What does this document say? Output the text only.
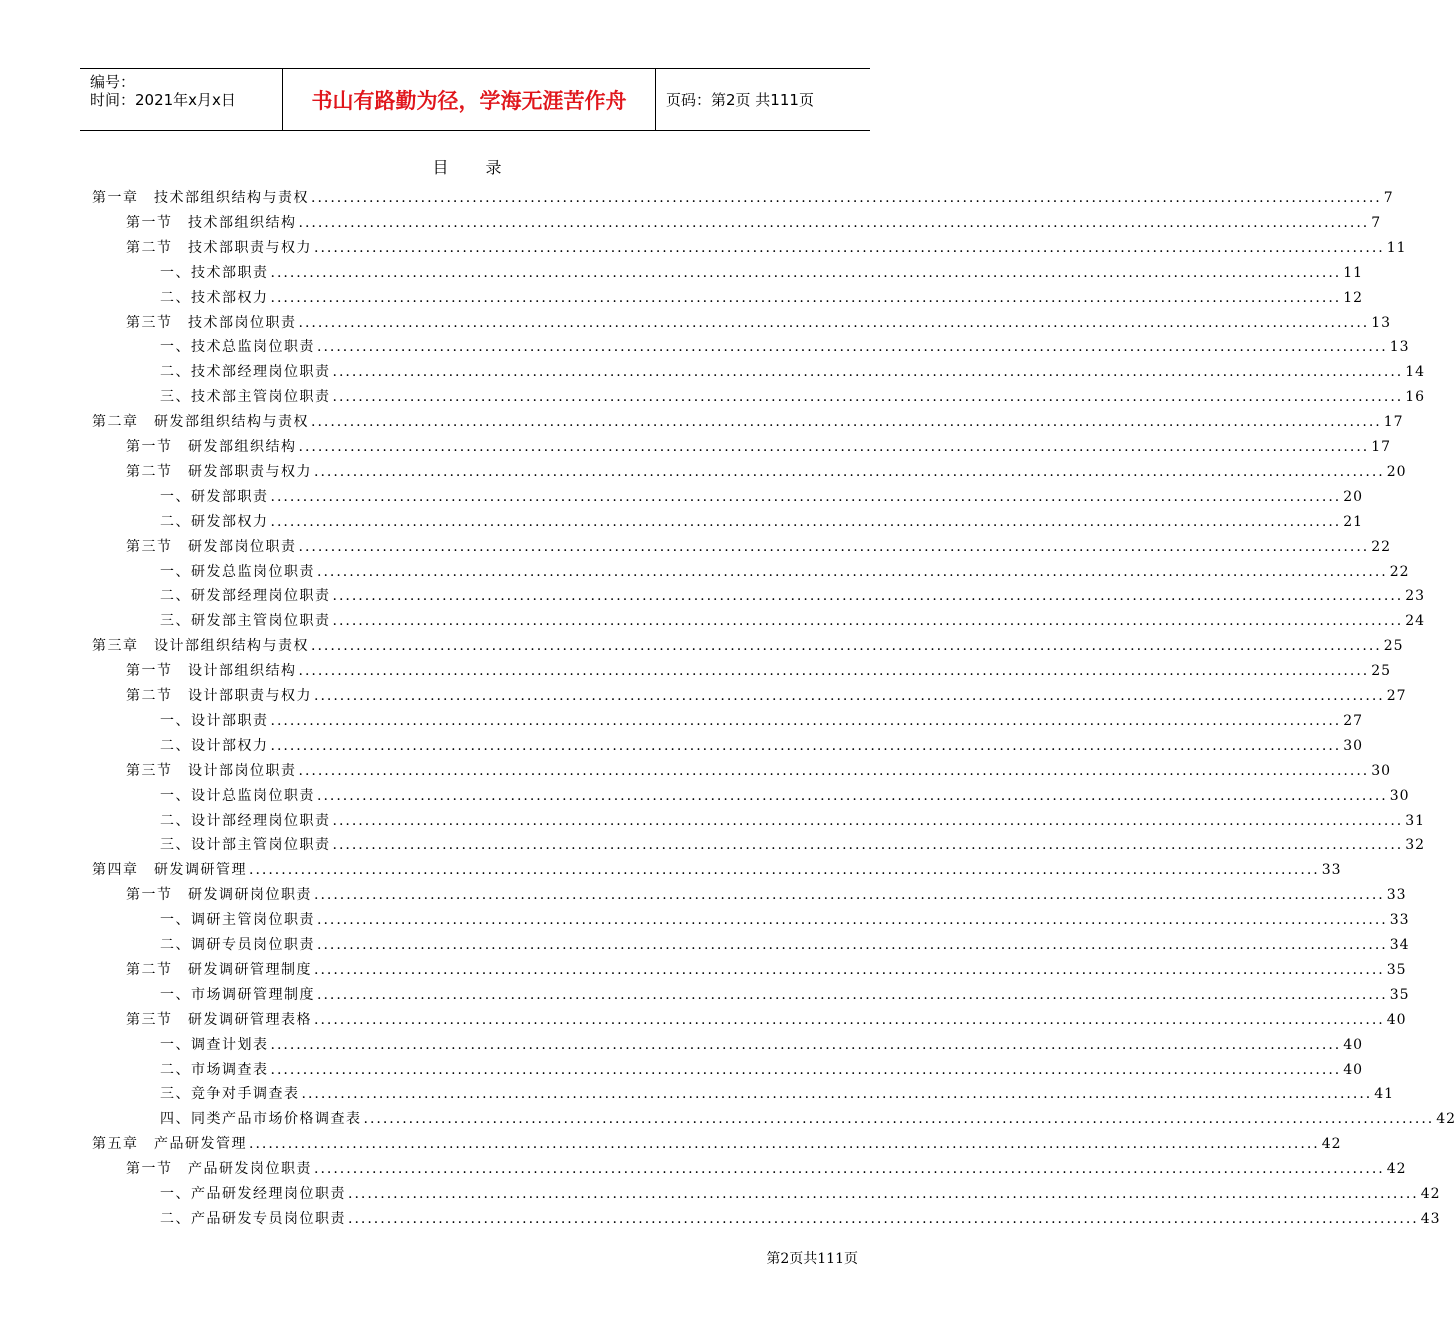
编号：
时间：2021年x月x日	书山有路勤为径，学海无涯苦作舟	页码：第2页 共111页
目 录
第一章　技术部组织结构与责权 ...................................................................................................................................................................... 7
第一节　技术部组织结构 ...................................................................................................................................................................... 7
第二节　技术部职责与权力 ...................................................................................................................................................................... 11
一、技术部职责 ...................................................................................................................................................................... 11
二、技术部权力 ...................................................................................................................................................................... 12
第三节　技术部岗位职责 ...................................................................................................................................................................... 13
一、技术总监岗位职责 ...................................................................................................................................................................... 13
二、技术部经理岗位职责 ...................................................................................................................................................................... 14
三、技术部主管岗位职责 ...................................................................................................................................................................... 16
第二章　研发部组织结构与责权 ...................................................................................................................................................................... 17
第一节　研发部组织结构 ...................................................................................................................................................................... 17
第二节　研发部职责与权力 ...................................................................................................................................................................... 20
一、研发部职责 ...................................................................................................................................................................... 20
二、研发部权力 ...................................................................................................................................................................... 21
第三节　研发部岗位职责 ...................................................................................................................................................................... 22
一、研发总监岗位职责 ...................................................................................................................................................................... 22
二、研发部经理岗位职责 ...................................................................................................................................................................... 23
三、研发部主管岗位职责 ...................................................................................................................................................................... 24
第三章　设计部组织结构与责权 ...................................................................................................................................................................... 25
第一节　设计部组织结构 ...................................................................................................................................................................... 25
第二节　设计部职责与权力 ...................................................................................................................................................................... 27
一、设计部职责 ...................................................................................................................................................................... 27
二、设计部权力 ...................................................................................................................................................................... 30
第三节　设计部岗位职责 ...................................................................................................................................................................... 30
一、设计总监岗位职责 ...................................................................................................................................................................... 30
二、设计部经理岗位职责 ...................................................................................................................................................................... 31
三、设计部主管岗位职责 ...................................................................................................................................................................... 32
第四章　研发调研管理 ...................................................................................................................................................................... 33
第一节　研发调研岗位职责 ...................................................................................................................................................................... 33
一、调研主管岗位职责 ...................................................................................................................................................................... 33
二、调研专员岗位职责 ...................................................................................................................................................................... 34
第二节　研发调研管理制度 ...................................................................................................................................................................... 35
一、市场调研管理制度 ...................................................................................................................................................................... 35
第三节　研发调研管理表格 ...................................................................................................................................................................... 40
一、调查计划表 ...................................................................................................................................................................... 40
二、市场调查表 ...................................................................................................................................................................... 40
三、竞争对手调查表 ...................................................................................................................................................................... 41
四、同类产品市场价格调查表 ...................................................................................................................................................................... 42
第五章　产品研发管理 ...................................................................................................................................................................... 42
第一节　产品研发岗位职责 ...................................................................................................................................................................... 42
一、产品研发经理岗位职责 ...................................................................................................................................................................... 42
二、产品研发专员岗位职责 ...................................................................................................................................................................... 43
第2页共111页
